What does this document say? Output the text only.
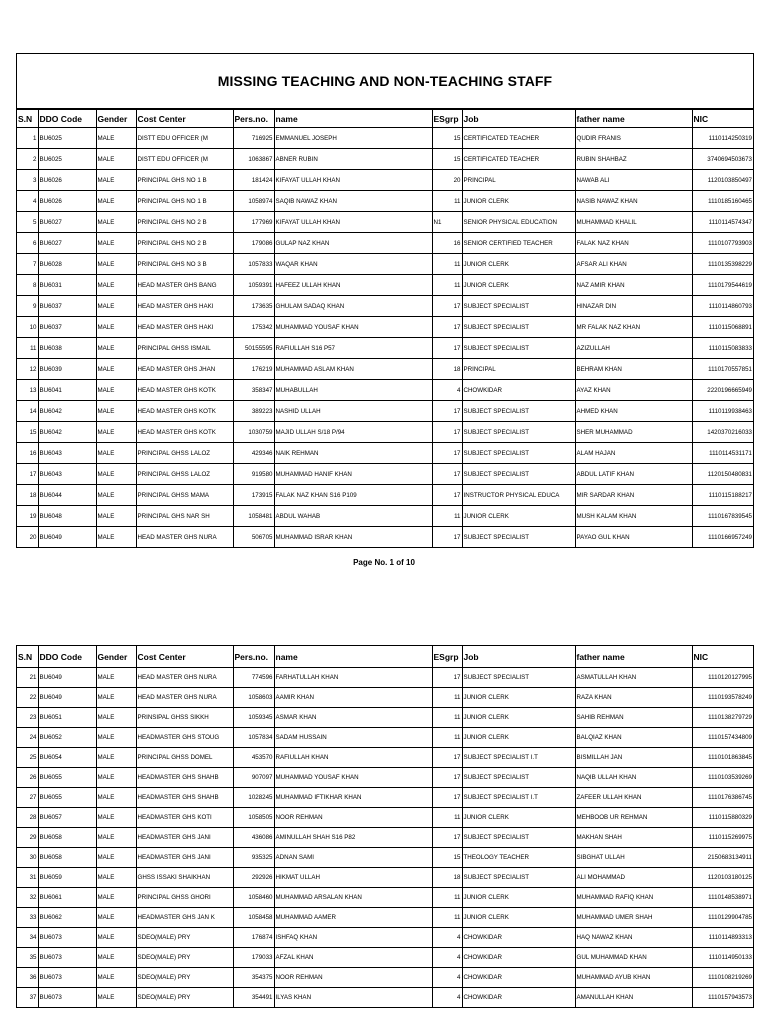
MISSING TEACHING AND NON-TEACHING STAFF
S.N	DDO Code	Gender	Cost Center	Pers.no.	name	ESgrp	Job	father name	NIC
1	BU6025	MALE	DISTT EDU OFFICER (M	716925	EMMANUEL JOSEPH	15	CERTIFICATED TEACHER	QUDIR FRANIS	1110114250319
2	BU6025	MALE	DISTT EDU OFFICER (M	1063867	ABNER RUBIN	15	CERTIFICATED TEACHER	RUBIN SHAHBAZ	3740694503673
3	BU6026	MALE	PRINCIPAL GHS NO 1 B	181424	KIFAYAT ULLAH KHAN	20	PRINCIPAL	NAWAB ALI	1120103850497
4	BU6026	MALE	PRINCIPAL GHS NO 1 B	1058974	SAQIB NAWAZ KHAN	11	JUNIOR CLERK	NASIB NAWAZ KHAN	1110185160465
5	BU6027	MALE	PRINCIPAL GHS NO 2 B	177969	KIFAYAT ULLAH KHAN	N1	SENIOR PHYSICAL EDUCATION	MUHAMMAD KHALIL	1110114574347
6	BU6027	MALE	PRINCIPAL GHS NO 2 B	179086	GULAP NAZ KHAN	16	SENIOR CERTIFIED TEACHER	FALAK NAZ KHAN	1110107793903
7	BU6028	MALE	PRINCIPAL GHS NO 3 B	1057833	WAQAR KHAN	11	JUNIOR CLERK	AFSAR ALI KHAN	1110135398229
8	BU6031	MALE	HEAD MASTER GHS BANG	1059391	HAFEEZ ULLAH KHAN	11	JUNIOR CLERK	NAZ AMIR KHAN	1110179544619
9	BU6037	MALE	HEAD MASTER GHS HAKI	173635	GHULAM SADAQ KHAN	17	SUBJECT SPECIALIST	HINAZAR DIN	1110114860793
10	BU6037	MALE	HEAD MASTER GHS HAKI	175342	MUHAMMAD YOUSAF KHAN	17	SUBJECT SPECIALIST	MR FALAK NAZ KHAN	1110115068891
11	BU6038	MALE	PRINCIPAL GHSS ISMAIL	50155595	RAFIULLAH S16 P57	17	SUBJECT SPECIALIST	AZIZULLAH	1110115083833
12	BU6039	MALE	HEAD MASTER GHS JHAN	176219	MUHAMMAD ASLAM KHAN	18	PRINCIPAL	BEHRAM KHAN	1110170557851
13	BU6041	MALE	HEAD MASTER GHS KOTK	358347	MUHABULLAH	4	CHOWKIDAR	AYAZ KHAN	2220196665949
14	BU6042	MALE	HEAD MASTER GHS KOTK	389223	NASHID ULLAH	17	SUBJECT SPECIALIST	AHMED KHAN	1110119938463
15	BU6042	MALE	HEAD MASTER GHS KOTK	1030759	MAJID ULLAH S/18 P/94	17	SUBJECT SPECIALIST	SHER MUHAMMAD	1420370216033
16	BU6043	MALE	PRINCIPAL GHSS LALOZ	429346	NAIK REHMAN	17	SUBJECT SPECIALIST	ALAM HAJAN	1110114531171
17	BU6043	MALE	PRINCIPAL GHSS LALOZ	919580	MUHAMMAD HANIF KHAN	17	SUBJECT SPECIALIST	ABDUL LATIF KHAN	1120150480831
18	BU6044	MALE	PRINCIPAL GHSS MAMA	173915	FALAK NAZ KHAN S16 P109	17	INSTRUCTOR PHYSICAL EDUCA	MIR SARDAR KHAN	1110115188217
19	BU6048	MALE	PRINCIPAL GHS NAR SH	1058481	ABDUL WAHAB	11	JUNIOR CLERK	MUSH KALAM KHAN	1110167839545
20	BU6049	MALE	HEAD MASTER GHS NURA	506705	MUHAMMAD ISRAR KHAN	17	SUBJECT SPECIALIST	PAYAO GUL KHAN	1110166957249
Page No. 1 of 10
S.N	DDO Code	Gender	Cost Center	Pers.no.	name	ESgrp	Job	father name	NIC
21	BU6049	MALE	HEAD MASTER GHS NURA	774596	FARHATULLAH KHAN	17	SUBJECT SPECIALIST	ASMATULLAH KHAN	1110120127995
22	BU6049	MALE	HEAD MASTER GHS NURA	1058603	AAMIR KHAN	11	JUNIOR CLERK	RAZA KHAN	1110193578249
23	BU6051	MALE	PRINSIPAL GHSS SIKKH	1059345	ASMAR KHAN	11	JUNIOR CLERK	SAHIB REHMAN	1110138279729
24	BU6052	MALE	HEADMASTER GHS STOUG	1057834	SADAM HUSSAIN	11	JUNIOR CLERK	BALQIAZ KHAN	1110157434809
25	BU6054	MALE	PRINCIPAL GHSS DOMEL	453570	RAFIULLAH KHAN	17	SUBJECT SPECIALIST I.T	BISMILLAH JAN	1110101863845
26	BU6055	MALE	HEADMASTER GHS SHAHB	907097	MUHAMMAD YOUSAF KHAN	17	SUBJECT SPECIALIST	NAQIB ULLAH KHAN	1110103539269
27	BU6055	MALE	HEADMASTER GHS SHAHB	1028245	MUHAMMAD IFTIKHAR KHAN	17	SUBJECT SPECIALIST I.T	ZAFEER ULLAH KHAN	1110176386745
28	BU6057	MALE	HEADMASTER GHS KOTI	1058505	NOOR REHMAN	11	JUNIOR CLERK	MEHBOOB UR REHMAN	1110115880329
29	BU6058	MALE	HEADMASTER GHS JANI	436086	AMINULLAH SHAH S16 P82	17	SUBJECT SPECIALIST	MAKHAN SHAH	1110115269975
30	BU6058	MALE	HEADMASTER GHS JANI	935325	ADNAN SAMI	15	THEOLOGY TEACHER	SIBGHAT ULLAH	2150683134911
31	BU6059	MALE	GHSS ISSAKI SHAIKHAN	292926	HIKMAT ULLAH	18	SUBJECT SPECIALIST	ALI MOHAMMAD	1120103180125
32	BU6061	MALE	PRINCIPAL GHSS GHORI	1058460	MUHAMMAD ARSALAN KHAN	11	JUNIOR CLERK	MUHAMMAD RAFIQ KHAN	1110148538971
33	BU6062	MALE	HEADMASTER GHS JAN K	1058458	MUHAMMAD AAMER	11	JUNIOR CLERK	MUHAMMAD UMER SHAH	1110129904785
34	BU6073	MALE	SDEO(MALE) PRY	176874	ISHFAQ KHAN	4	CHOWKIDAR	HAQ NAWAZ KHAN	1110114893313
35	BU6073	MALE	SDEO(MALE) PRY	179033	AFZAL KHAN	4	CHOWKIDAR	GUL MUHAMMAD KHAN	1110114950133
36	BU6073	MALE	SDEO(MALE) PRY	354375	NOOR REHMAN	4	CHOWKIDAR	MUHAMMAD AYUB KHAN	1110108219269
37	BU6073	MALE	SDEO(MALE) PRY	354491	ILYAS KHAN	4	CHOWKIDAR	AMANULLAH KHAN	1110157943573
